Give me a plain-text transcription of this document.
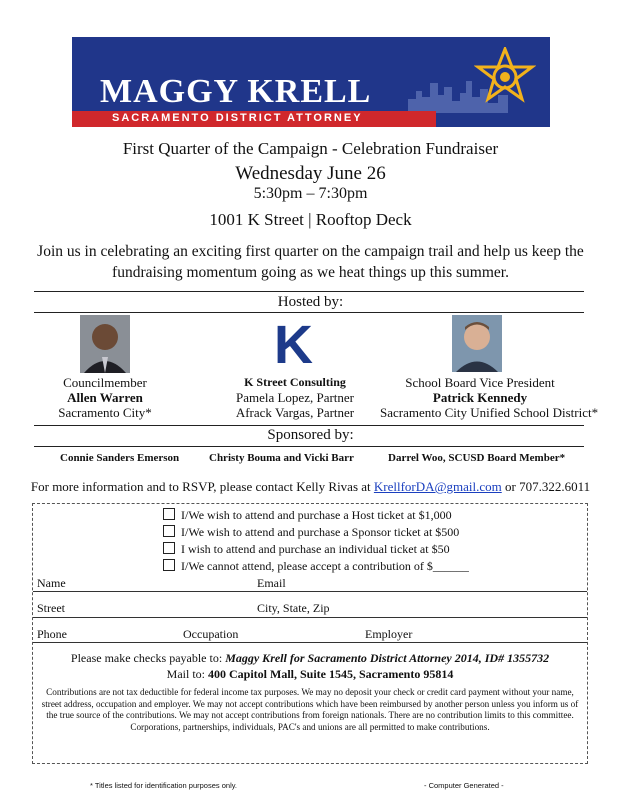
MAGGY KRELL
SACRAMENTO DISTRICT ATTORNEY
First Quarter of the Campaign - Celebration Fundraiser
Wednesday June 26
5:30pm – 7:30pm
1001 K Street | Rooftop Deck
Join us in celebrating an exciting first quarter on the campaign trail and help us keep the
fundraising momentum going as we heat things up this summer.
Hosted by:
K
Councilmember
Allen Warren
Sacramento City*
K Street Consulting
Pamela Lopez, Partner
Afrack Vargas, Partner
School Board Vice President
Patrick Kennedy
Sacramento City Unified School District*
Sponsored by:
Connie Sanders Emerson	Christy Bouma and Vicki Barr	Darrel Woo, SCUSD Board Member*
For more information and to RSVP, please contact Kelly Rivas at KrellforDA@gmail.com or 707.322.6011
I/We wish to attend and purchase a Host ticket at $1,000
I/We wish to attend and purchase a Sponsor ticket at $500
I wish to attend and purchase an individual ticket at $50
I/We cannot attend, please accept a contribution of $______
Name	Email
Street	City, State, Zip
Phone	Occupation	Employer
Please make checks payable to: Maggy Krell for Sacramento District Attorney 2014, ID# 1355732
Mail to: 400 Capitol Mall, Suite 1545, Sacramento 95814
Contributions are not tax deductible for federal income tax purposes. We may no deposit your check or credit card payment without your name, street address, occupation and employer. We may not accept contributions which have been reimbursed by another person unless you inform us of the true source of the contributions. We may not accept contributions from foreign nationals. There are no contribution limits to this committee. Corporations, partnerships, individuals, PAC's and unions are all permitted to make contributions.
* Titles listed for identification purposes only.	- Computer Generated -
